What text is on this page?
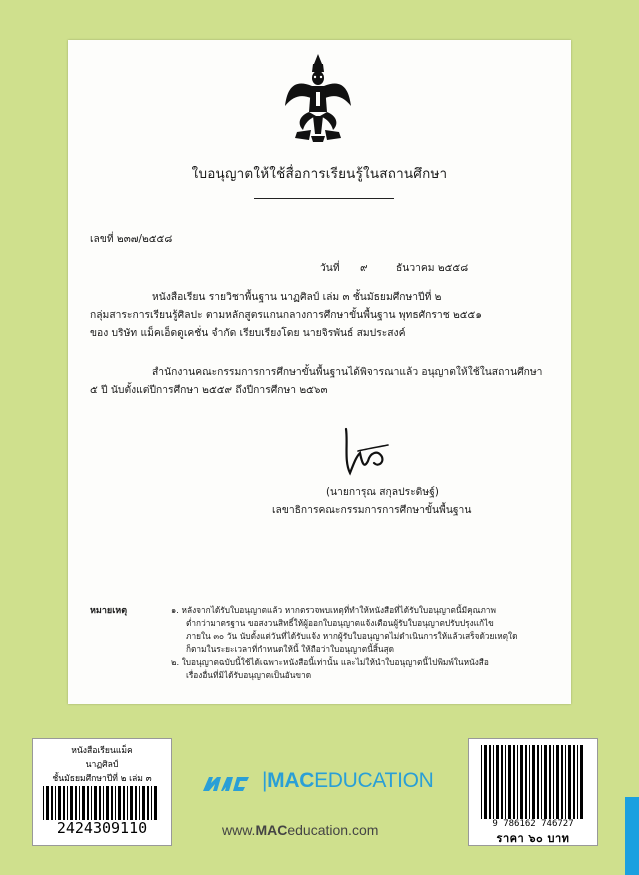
ใบอนุญาตให้ใช้สื่อการเรียนรู้ในสถานศึกษา
เลขที่ ๒๓๗/๒๕๕๘
วันที่ ๙	ธันวาคม ๒๕๕๘
หนังสือเรียน รายวิชาพื้นฐาน นาฏศิลป์ เล่ม ๓ ชั้นมัธยมศึกษาปีที่ ๒
กลุ่มสาระการเรียนรู้ศิลปะ ตามหลักสูตรแกนกลางการศึกษาขั้นพื้นฐาน พุทธศักราช ๒๕๕๑
ของ บริษัท แม็คเอ็ดดูเคชั่น จำกัด เรียบเรียงโดย นายจิรพันธ์ สมประสงค์
สำนักงานคณะกรรมการการศึกษาขั้นพื้นฐานได้พิจารณาแล้ว อนุญาตให้ใช้ในสถานศึกษา
๕ ปี นับตั้งแต่ปีการศึกษา ๒๕๕๙ ถึงปีการศึกษา ๒๕๖๓
(นายการุณ สกุลประดิษฐ์)
เลขาธิการคณะกรรมการการศึกษาขั้นพื้นฐาน
หมายเหตุ	๑. หลังจากได้รับใบอนุญาตแล้ว หากตรวจพบเหตุที่ทำให้หนังสือที่ได้รับใบอนุญาตนี้มีคุณภาพ
ต่ำกว่ามาตรฐาน ขอสงวนสิทธิ์ให้ผู้ออกใบอนุญาตแจ้งเตือนผู้รับใบอนุญาตปรับปรุงแก้ไข
ภายใน ๓๐ วัน นับตั้งแต่วันที่ได้รับแจ้ง หากผู้รับใบอนุญาตไม่ดำเนินการให้แล้วเสร็จด้วยเหตุใด
ก็ตามในระยะเวลาที่กำหนดให้นี้ ให้ถือว่าใบอนุญาตนี้สิ้นสุด
๒. ใบอนุญาตฉบับนี้ใช้ได้เฉพาะหนังสือนี้เท่านั้น และไม่ให้นำใบอนุญาตนี้ไปพิมพ์ในหนังสือ
เรื่องอื่นที่มิได้รับอนุญาตเป็นอันขาด
หนังสือเรียนแม็ค
นาฏศิลป์
ชั้นมัธยมศึกษาปีที่ ๒ เล่ม ๓
2424309110	9 786162 746727
ราคา ๖๐ บาท
|MACEDUCATION
www.MACeducation.com
